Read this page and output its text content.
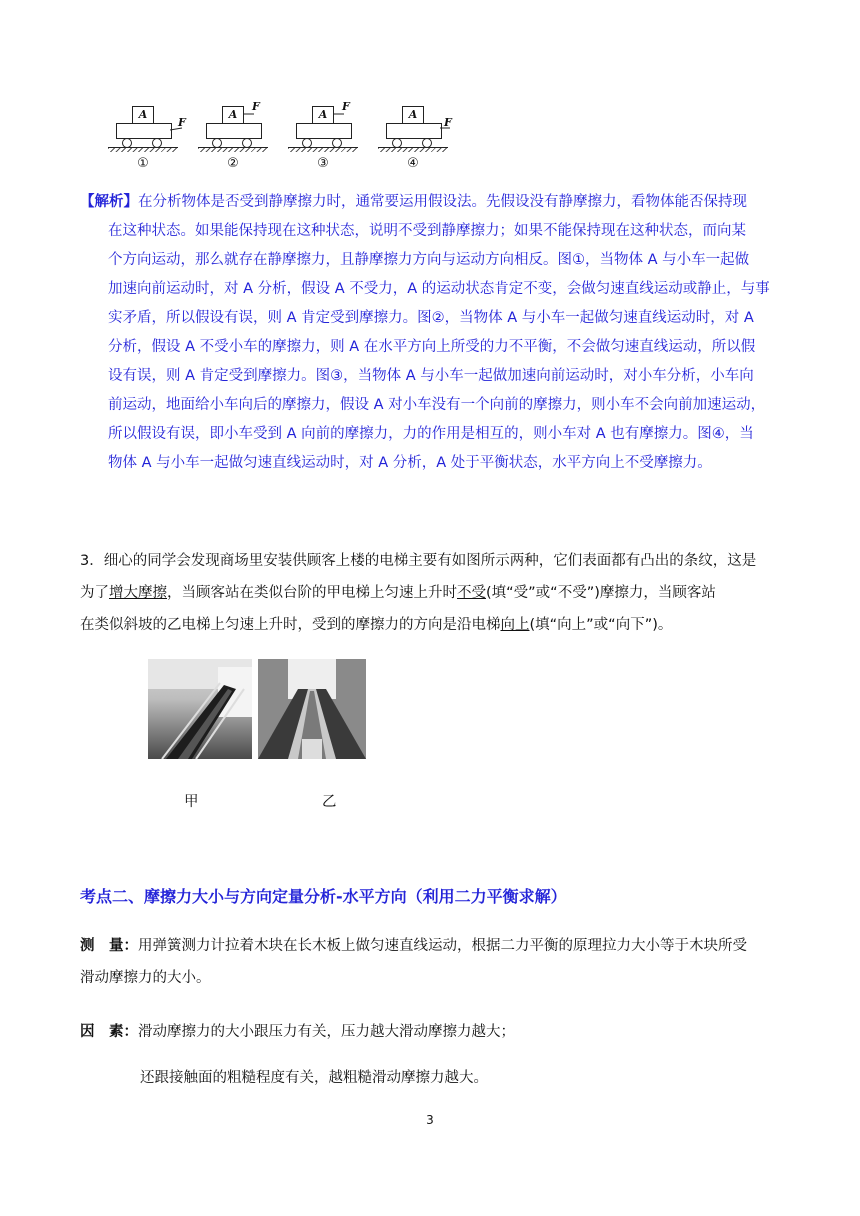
A
F
①
A
F
②
A
F
③
A
F
④

【解析】在分析物体是否受到静摩擦力时，通常要运用假设法。先假设没有静摩擦力，看物体能否保持现

在这种状态。如果能保持现在这种状态，说明不受到静摩擦力；如果不能保持现在这种状态，而向某

个方向运动，那么就存在静摩擦力，且静摩擦力方向与运动方向相反。图①，当物体 A 与小车一起做

加速向前运动时，对 A 分析，假设 A 不受力，A 的运动状态肯定不变，会做匀速直线运动或静止，与事

实矛盾，所以假设有误，则 A 肯定受到摩擦力。图②，当物体 A 与小车一起做匀速直线运动时，对 A

分析，假设 A 不受小车的摩擦力，则 A 在水平方向上所受的力不平衡，不会做匀速直线运动，所以假

设有误，则 A 肯定受到摩擦力。图③，当物体 A 与小车一起做加速向前运动时，对小车分析，小车向

前运动，地面给小车向后的摩擦力，假设 A 对小车没有一个向前的摩擦力，则小车不会向前加速运动，

所以假设有误，即小车受到 A 向前的摩擦力，力的作用是相互的，则小车对 A 也有摩擦力。图④，当

物体 A 与小车一起做匀速直线运动时，对 A 分析，A 处于平衡状态，水平方向上不受摩擦力。

3．细心的同学会发现商场里安装供顾客上楼的电梯主要有如图所示两种，它们表面都有凸出的条纹，这是
为了增大摩擦，当顾客站在类似台阶的甲电梯上匀速上升时不受(填“受”或“不受”)摩擦力，当顾客站
在类似斜坡的乙电梯上匀速上升时，受到的摩擦力的方向是沿电梯向上(填“向上”或“向下”)。
甲	乙
考点二、摩擦力大小与方向定量分析-水平方向（利用二力平衡求解）
测　量：用弹簧测力计拉着木块在长木板上做匀速直线运动，根据二力平衡的原理拉力大小等于木块所受
滑动摩擦力的大小。
因　素：滑动摩擦力的大小跟压力有关，压力越大滑动摩擦力越大；
还跟接触面的粗糙程度有关，越粗糙滑动摩擦力越大。
3
